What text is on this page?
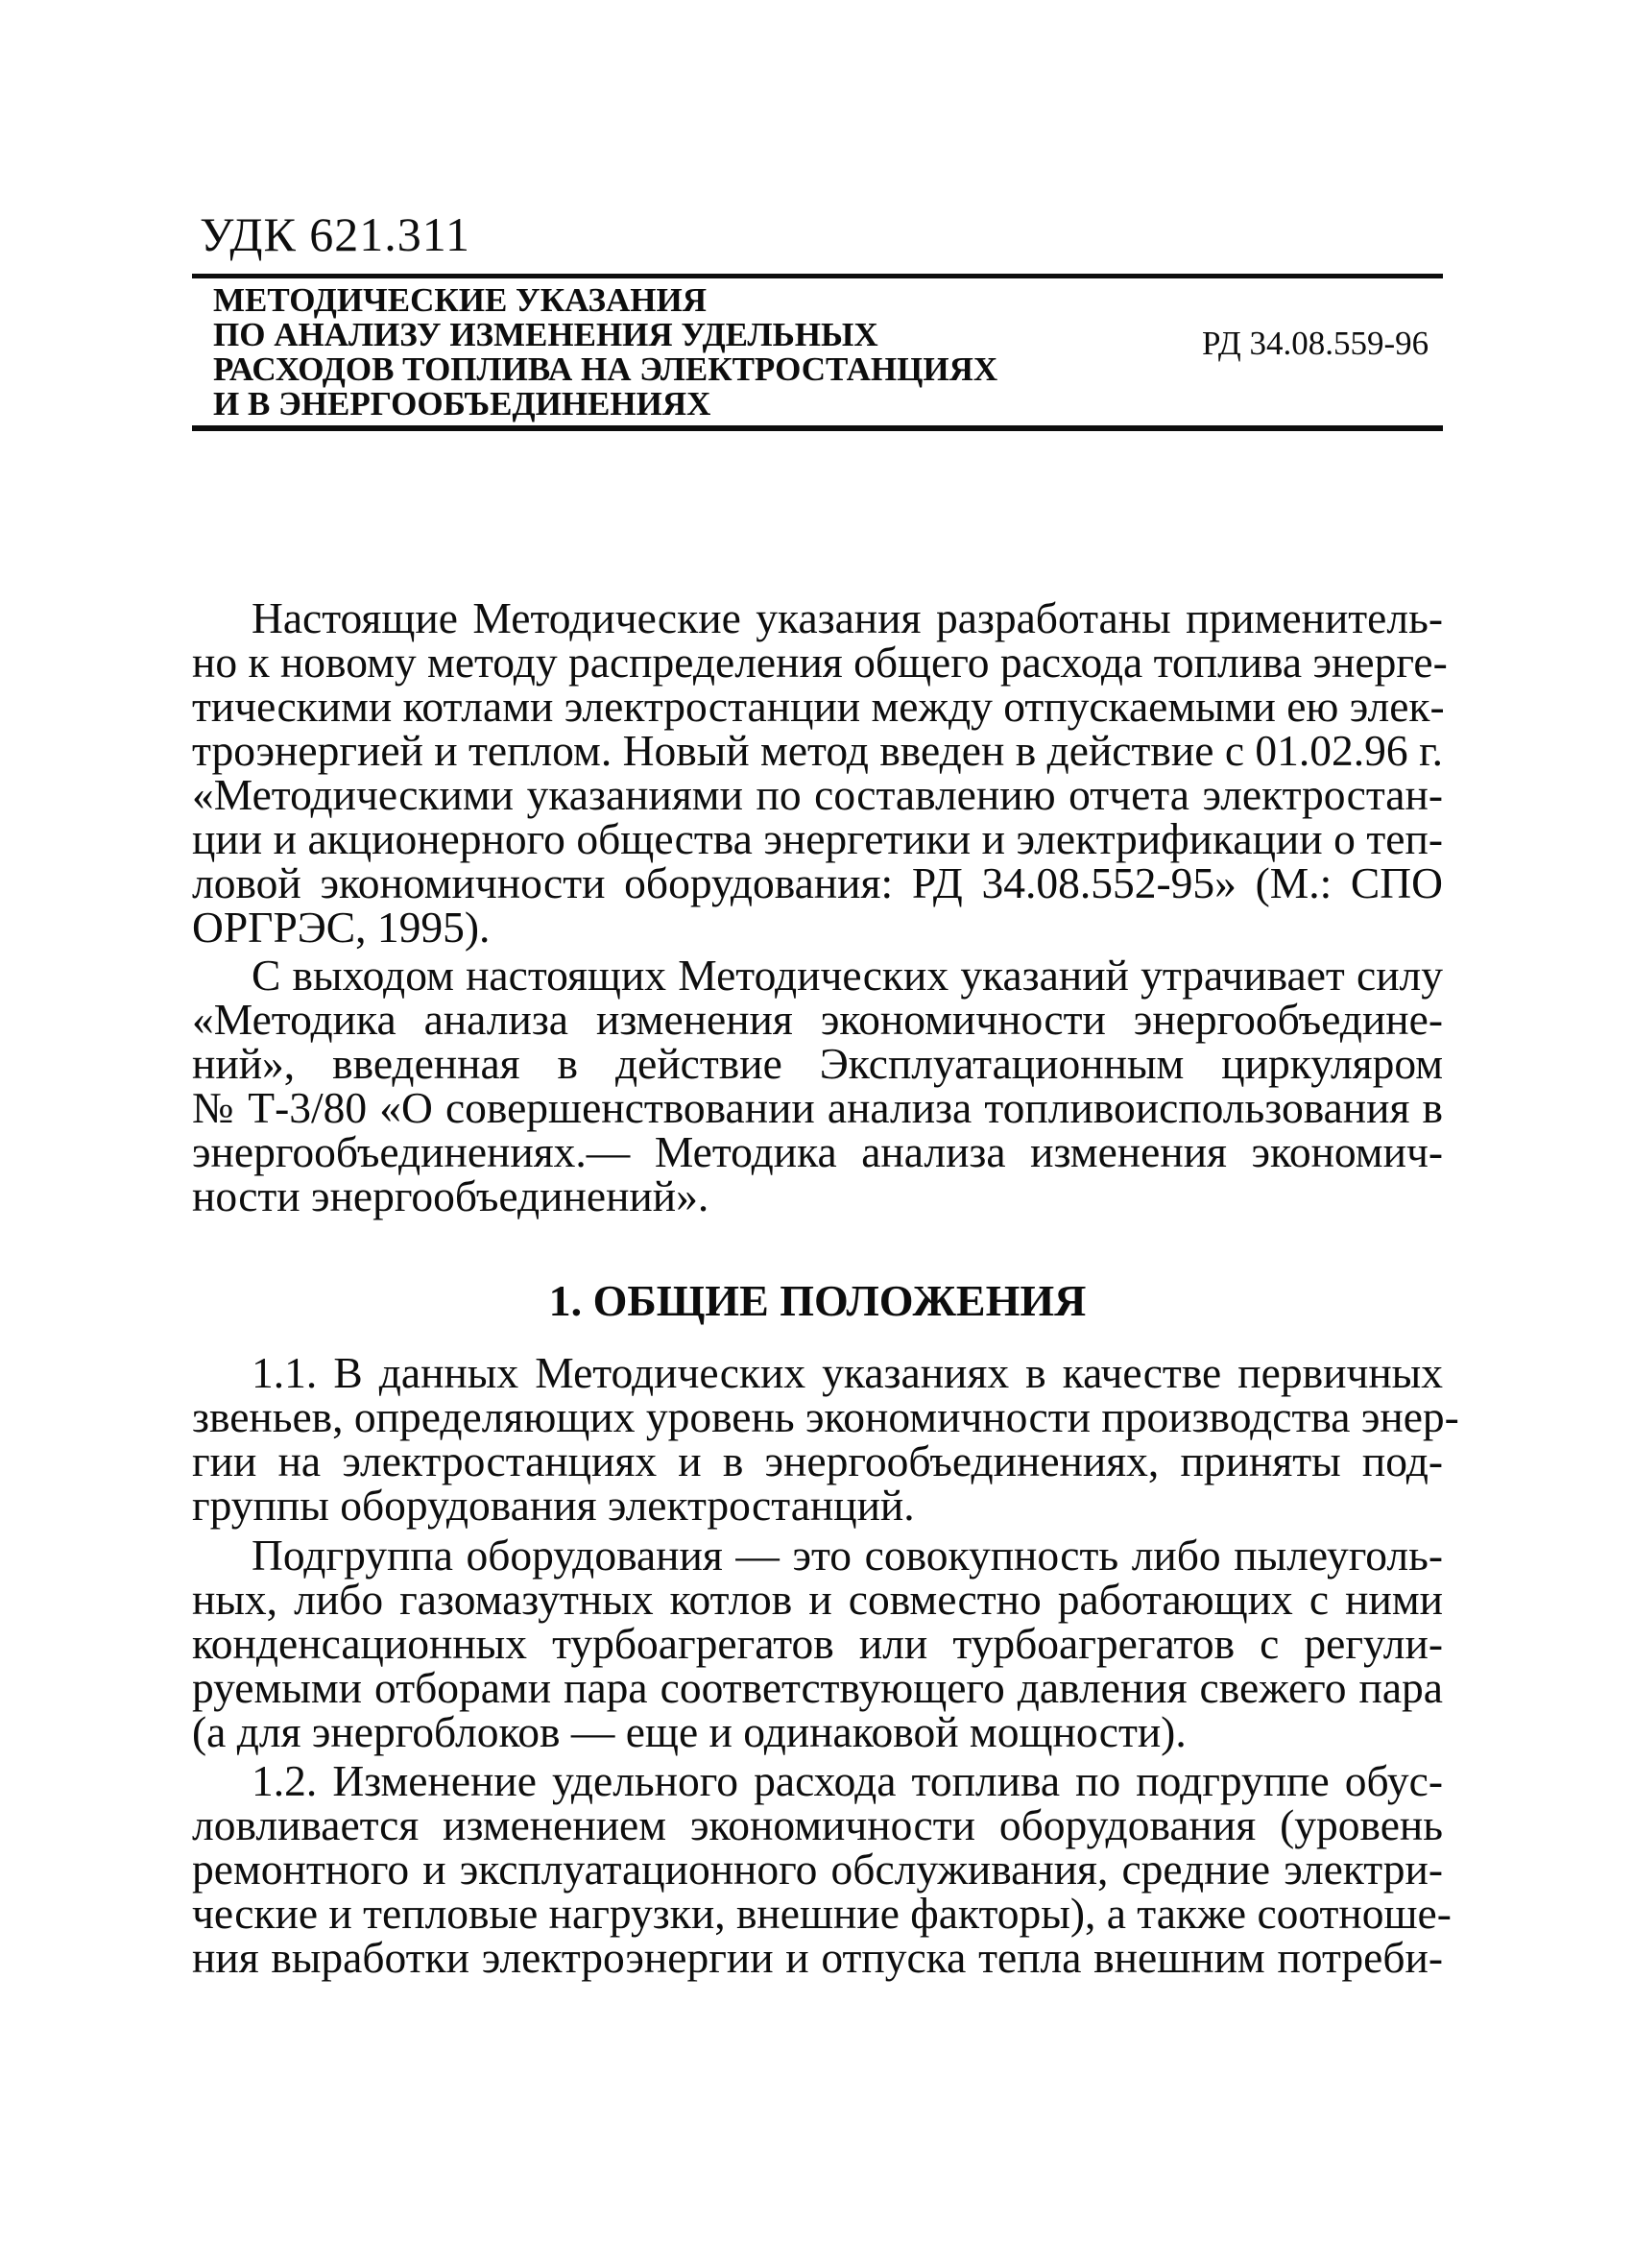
УДК 621.311
МЕТОДИЧЕСКИЕ УКАЗАНИЯ
ПО АНАЛИЗУ ИЗМЕНЕНИЯ УДЕЛЬНЫХ
РАСХОДОВ ТОПЛИВА НА ЭЛЕКТРОСТАНЦИЯХ
И В ЭНЕРГООБЪЕДИНЕНИЯХ
РД 34.08.559-96
Настоящие Методические указания разработаны применитель-
но к новому методу распределения общего расхода топлива энерге-
тическими котлами электростанции между отпускаемыми ею элек-
троэнергией и теплом. Новый метод введен в действие с 01.02.96 г.
«Методическими указаниями по составлению отчета электростан-
ции и акционерного общества энергетики и электрификации о теп-
ловой экономичности оборудования: РД 34.08.552-95» (М.: СПО
ОРГРЭС, 1995).
С выходом настоящих Методических указаний утрачивает силу
«Методика анализа изменения экономичности энергообъедине-
ний», введенная в действие Эксплуатационным циркуляром
№ Т-3/80 «О совершенствовании анализа топливоиспользования в
энергообъединениях.— Методика анализа изменения экономич-
ности энергообъединений».
1. ОБЩИЕ ПОЛОЖЕНИЯ
1.1. В данных Методических указаниях в качестве первичных
звеньев, определяющих уровень экономичности производства энер-
гии на электростанциях и в энергообъединениях, приняты под-
группы оборудования электростанций.
Подгруппа оборудования — это совокупность либо пылеуголь-
ных, либо газомазутных котлов и совместно работающих с ними
конденсационных турбоагрегатов или турбоагрегатов с регули-
руемыми отборами пара соответствующего давления свежего пара
(а для энергоблоков — еще и одинаковой мощности).
1.2. Изменение удельного расхода топлива по подгруппе обус-
ловливается изменением экономичности оборудования (уровень
ремонтного и эксплуатационного обслуживания, средние электри-
ческие и тепловые нагрузки, внешние факторы), а также соотноше-
ния выработки электроэнергии и отпуска тепла внешним потреби-
